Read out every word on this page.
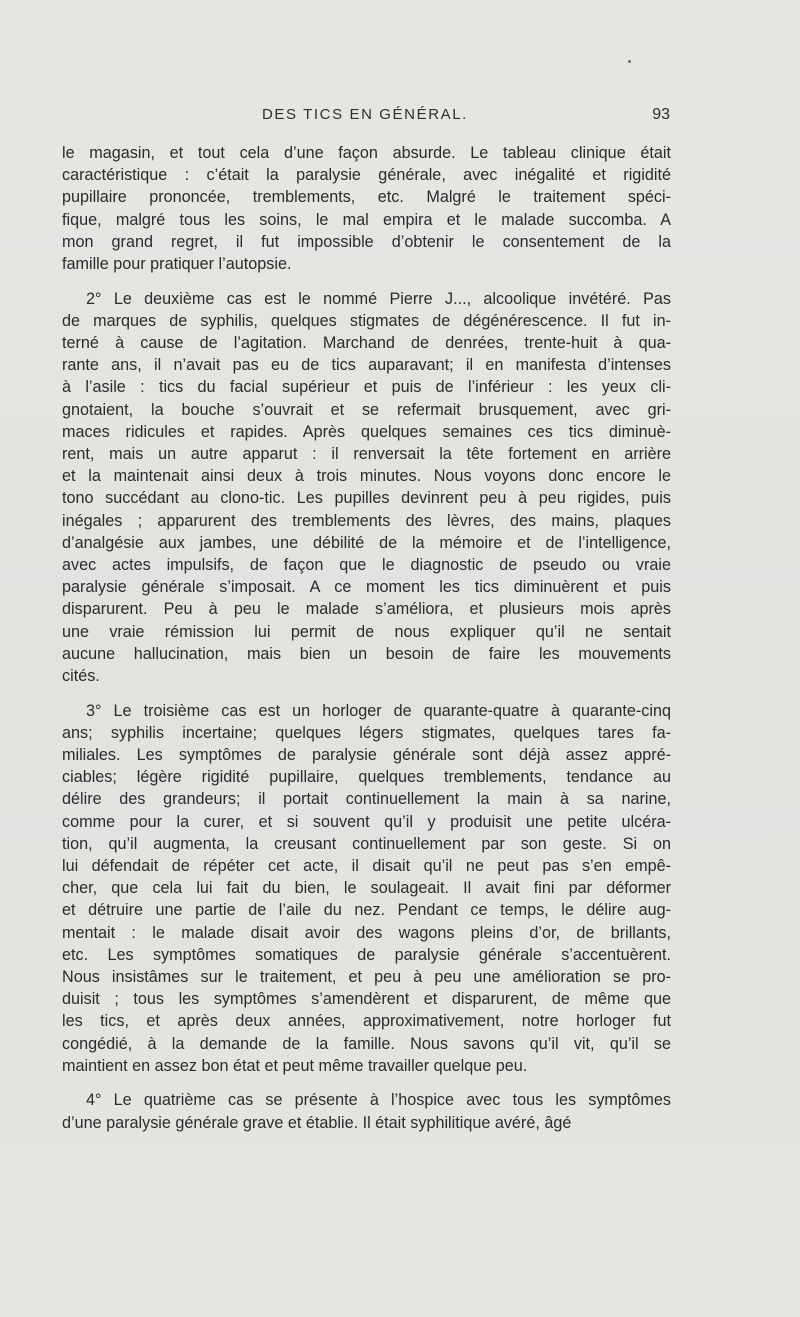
DES TICS EN GÉNÉRAL.	93
le magasin, et tout cela d’une façon absurde. Le tableau clinique était
caractéristique : c’était la paralysie générale, avec inégalité et rigidité
pupillaire prononcée, tremblements, etc. Malgré le traitement spéci-
fique, malgré tous les soins, le mal empira et le malade succomba. A
mon grand regret, il fut impossible d’obtenir le consentement de la
famille pour pratiquer l’autopsie.
2° Le deuxième cas est le nommé Pierre J..., alcoolique invétéré. Pas
de marques de syphilis, quelques stigmates de dégénérescence. Il fut in-
terné à cause de l’agitation. Marchand de denrées, trente-huit à qua-
rante ans, il n’avait pas eu de tics auparavant; il en manifesta d’intenses
à l’asile : tics du facial supérieur et puis de l’inférieur : les yeux cli-
gnotaient, la bouche s’ouvrait et se refermait brusquement, avec gri-
maces ridicules et rapides. Après quelques semaines ces tics diminuè-
rent, mais un autre apparut : il renversait la tête fortement en arrière
et la maintenait ainsi deux à trois minutes. Nous voyons donc encore le
tono succédant au clono-tic. Les pupilles devinrent peu à peu rigides, puis
inégales ; apparurent des tremblements des lèvres, des mains, plaques
d’analgésie aux jambes, une débilité de la mémoire et de l’intelligence,
avec actes impulsifs, de façon que le diagnostic de pseudo ou vraie
paralysie générale s’imposait. A ce moment les tics diminuèrent et puis
disparurent. Peu à peu le malade s’améliora, et plusieurs mois après
une vraie rémission lui permit de nous expliquer qu’il ne sentait
aucune hallucination, mais bien un besoin de faire les mouvements
cités.
3° Le troisième cas est un horloger de quarante-quatre à quarante-cinq
ans; syphilis incertaine; quelques légers stigmates, quelques tares fa-
miliales. Les symptômes de paralysie générale sont déjà assez appré-
ciables; légère rigidité pupillaire, quelques tremblements, tendance au
délire des grandeurs; il portait continuellement la main à sa narine,
comme pour la curer, et si souvent qu’il y produisit une petite ulcéra-
tion, qu’il augmenta, la creusant continuellement par son geste. Si on
lui défendait de répéter cet acte, il disait qu’il ne peut pas s’en empê-
cher, que cela lui fait du bien, le soulageait. Il avait fini par déformer
et détruire une partie de l’aile du nez. Pendant ce temps, le délire aug-
mentait : le malade disait avoir des wagons pleins d’or, de brillants,
etc. Les symptômes somatiques de paralysie générale s’accentuèrent.
Nous insistâmes sur le traitement, et peu à peu une amélioration se pro-
duisit ; tous les symptômes s’amendèrent et disparurent, de même que
les tics, et après deux années, approximativement, notre horloger fut
congédié, à la demande de la famille. Nous savons qu’il vit, qu’il se
maintient en assez bon état et peut même travailler quelque peu.
4° Le quatrième cas se présente à l’hospice avec tous les symptômes
d’une paralysie générale grave et établie. Il était syphilitique avéré, âgé
